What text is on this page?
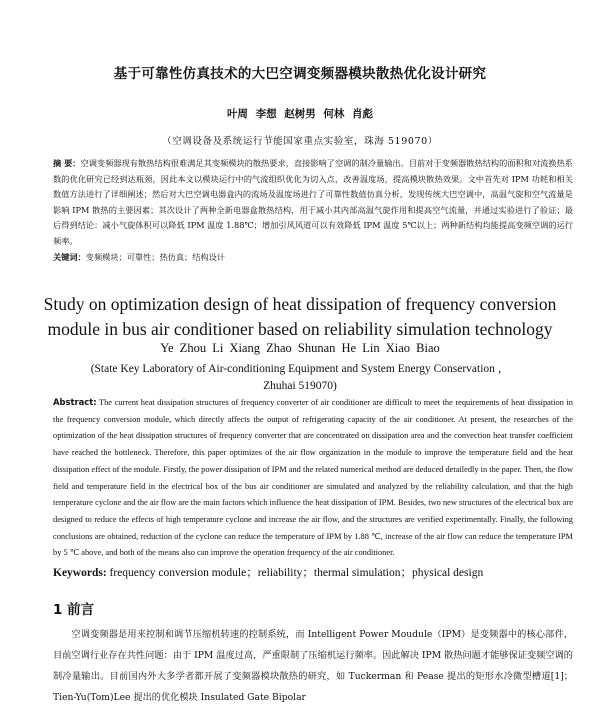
基于可靠性仿真技术的大巴空调变频器模块散热优化设计研究
叶周 李想 赵树男 何林 肖彪
（空调设备及系统运行节能国家重点实验室，珠海 519070）
摘 要：空调变频器现有散热结构很难满足其变频模块的散热要求，直接影响了空调的制冷量输出。目前对于变频器散热结构的面积和对流换热系数的优化研究已经到达瓶颈，因此本文以模块运行中的气流组织优化为切入点，改善温度场，提高模块散热效果。文中首先对 IPM 功耗和相关数值方法进行了详细阐述；然后对大巴空调电器盒内的流场及温度场进行了可靠性数值仿真分析，发现传统大巴空调中，高温气旋和空气流量是影响 IPM 散热的主要因素；其次设计了两种全新电器盒散热结构，用于减小其内部高温气旋作用和提高空气流量，并通过实验进行了验证；最后得到结论：减小气旋体积可以降低 IPM 温度 1.88℃；增加引风风道可以有效降低 IPM 温度 5℃以上；两种新结构均能提高变频空调的运行频率。
关键词：变频模块；可靠性；热仿真；结构设计
Study on optimization design of heat dissipation of frequency conversion module in bus air conditioner based on reliability simulation technology
Ye Zhou Li Xiang Zhao Shunan He Lin Xiao Biao
(State Key Laboratory of Air-conditioning Equipment and System Energy Conservation ，Zhuhai 519070)
Abstract: The current heat dissipation structures of frequency converter of air conditioner are difficult to meet the requirements of heat dissipation in the frequency conversion module, which directly affects the output of refrigerating capacity of the air conditioner. At present, the researches of the optimization of the heat dissipation structures of frequency converter that are concentrated on dissipation area and the convection heat transfer coefficient have reached the bottleneck. Therefore, this paper optimizes of the air flow organization in the module to improve the temperature field and the heat dissipation effect of the module. Firstly, the power dissipation of IPM and the related numerical method are deduced detailedly in the paper. Then, the flow field and temperature field in the electrical box of the bus air conditioner are simulated and analyzed by the reliability calculation, and that the high temperature cyclone and the air flow are the main factors which influence the heat dissipation of IPM. Besides, two new structures of the electrical box are designed to reduce the effects of high temperature cyclone and increase the air flow, and the structures are verified experimentally. Finally, the following conclusions are obtained, reduction of the cyclone can reduce the temperature of IPM by 1.88 ℃, increase of the air flow can reduce the temperature IPM by 5 ℃ above, and both of the means also can improve the operation frequency of the air conditioner.
Keywords: frequency conversion module；reliability；thermal simulation；physical design
1 前言

空调变频器是用来控制和调节压缩机转速的控制系统，而 Intelligent Power Moudule（IPM）是变频器中的核心部件，目前空调行业存在共性问题：由于 IPM 温度过高，严重限制了压缩机运行频率。因此解决 IPM 散热问题才能够保证变频空调的制冷量输出。目前国内外大多学者都开展了变频器模块散热的研究，如 Tuckerman 和 Pease 提出的矩形水冷微型槽道[1]；Tien-Yu(Tom)Lee 提出的优化模块 Insulated Gate Bipolar
